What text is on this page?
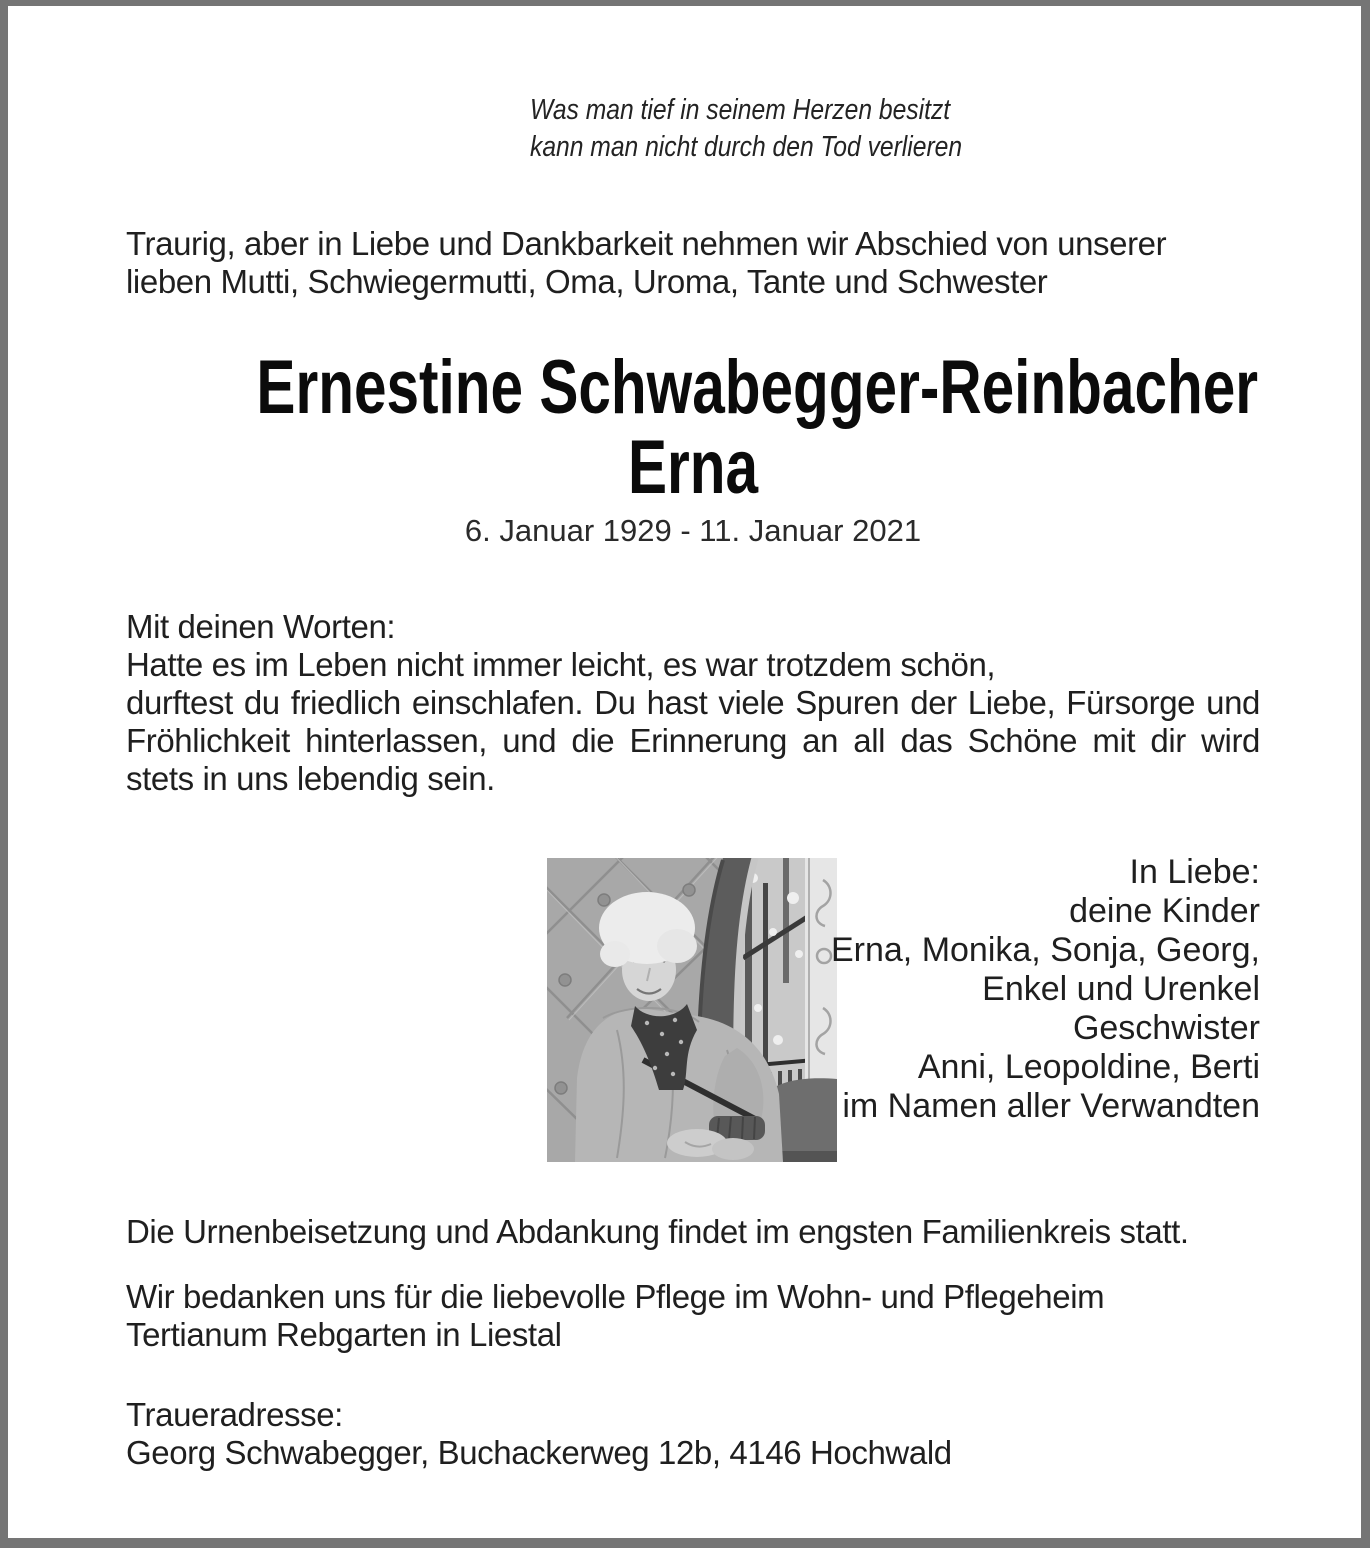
Was man tief in seinem Herzen besitzt
kann man nicht durch den Tod verlieren
Traurig, aber in Liebe und Dankbarkeit nehmen wir Abschied von unserer
lieben Mutti, Schwiegermutti, Oma, Uroma, Tante und Schwester
Ernestine Schwabegger-Reinbacher
Erna
6. Januar 1929 - 11. Januar 2021
Mit deinen Worten:
Hatte es im Leben nicht immer leicht, es war trotzdem schön,
durftest du friedlich einschlafen. Du hast viele Spuren der Liebe, Fürsorge und
Fröhlichkeit hinterlassen, und die Erinnerung an all das Schöne mit dir wird
stets in uns lebendig sein.
In Liebe:
deine Kinder
Erna, Monika, Sonja, Georg,
Enkel und Urenkel
Geschwister
Anni, Leopoldine, Berti
im Namen aller Verwandten
Die Urnenbeisetzung und Abdankung findet im engsten Familienkreis statt.
Wir bedanken uns für die liebevolle Pflege im Wohn- und Pflegeheim
Tertianum Rebgarten in Liestal
Traueradresse:
Georg Schwabegger, Buchackerweg 12b, 4146 Hochwald
